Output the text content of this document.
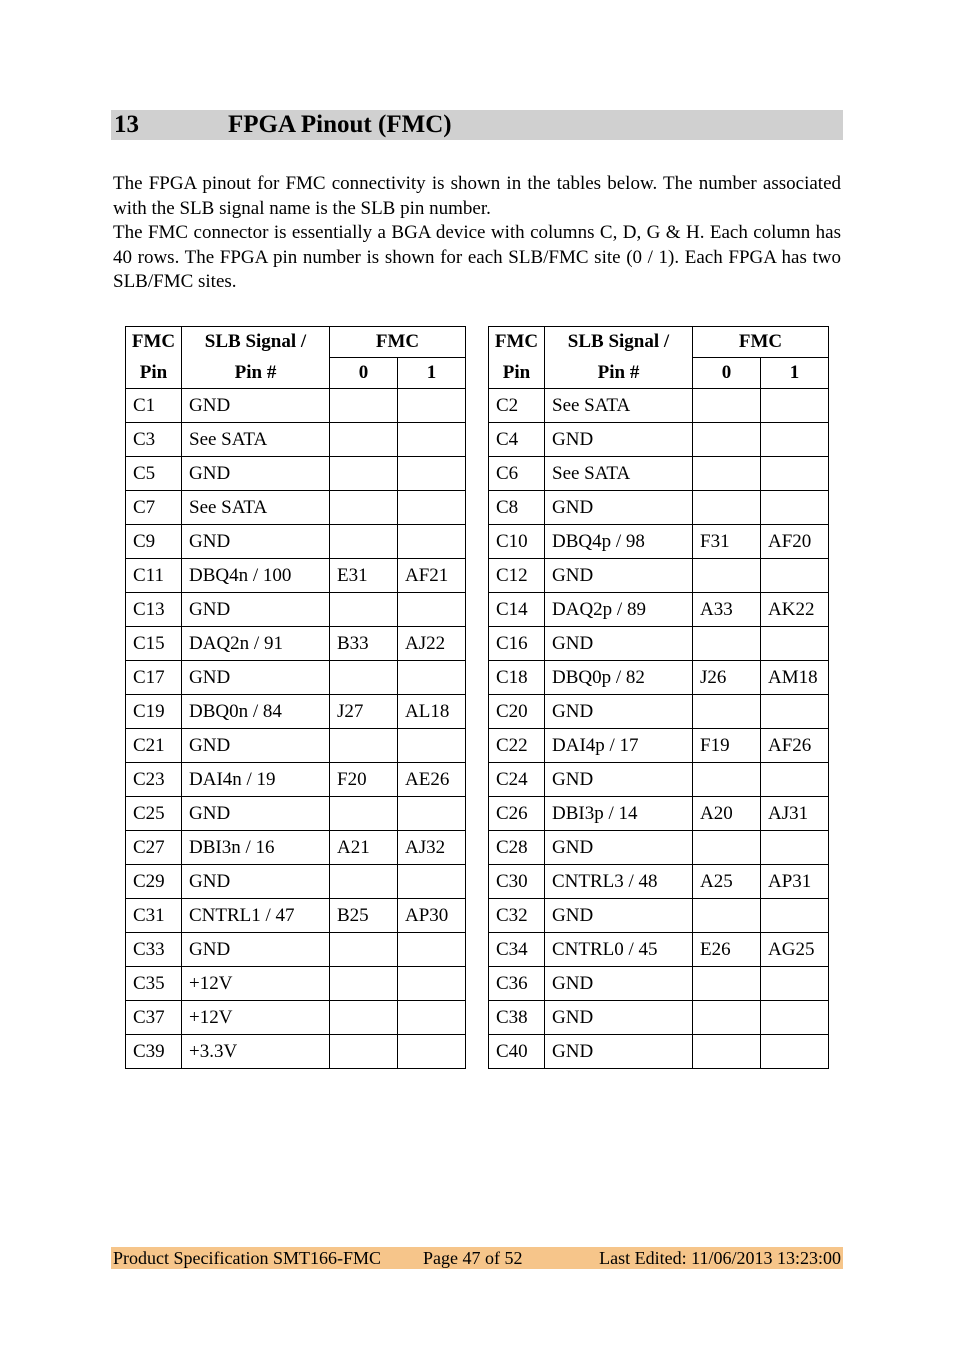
13	FPGA Pinout (FMC)

The FPGA pinout for FMC connectivity is shown in the tables below. The number associated with the SLB signal name is the SLB pin number.

The FMC connector is essentially a BGA device with columns C, D, G & H. Each column has 40 rows. The FPGA pin number is shown for each SLB/FMC site (0 / 1). Each FPGA has two SLB/FMC sites.

FMC	SLB Signal /	FMC	
Pin	Pin #	0	1
C1	GND		
C3	See SATA		
C5	GND		
C7	See SATA		
C9	GND		
C11	DBQ4n / 100	E31	AF21
C13	GND		
C15	DAQ2n / 91	B33	AJ22
C17	GND		
C19	DBQ0n / 84	J27	AL18
C21	GND		
C23	DAI4n / 19	F20	AE26
C25	GND		
C27	DBI3n / 16	A21	AJ32
C29	GND		
C31	CNTRL1 / 47	B25	AP30
C33	GND		
C35	+12V		
C37	+12V		
C39	+3.3V		
FMC	SLB Signal /	FMC	
Pin	Pin #	0	1
C2	See SATA		
C4	GND		
C6	See SATA		
C8	GND		
C10	DBQ4p / 98	F31	AF20
C12	GND		
C14	DAQ2p / 89	A33	AK22
C16	GND		
C18	DBQ0p / 82	J26	AM18
C20	GND		
C22	DAI4p / 17	F19	AF26
C24	GND		
C26	DBI3p / 14	A20	AJ31
C28	GND		
C30	CNTRL3 / 48	A25	AP31
C32	GND		
C34	CNTRL0 / 45	E26	AG25
C36	GND		
C38	GND		
C40	GND		
Product Specification SMT166-FMC Page 47 of 52	Last Edited: 11/06/2013 13:23:00
